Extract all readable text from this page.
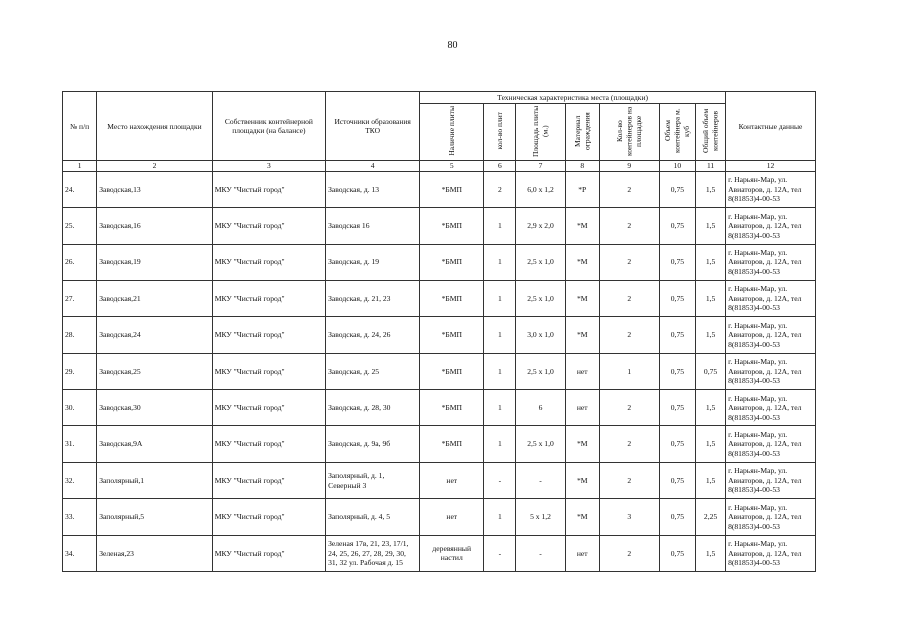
80
№ п/п	Место нахождения площадки	Собственник контейнерной площадки (на балансе)	Источники образования ТКО	Техническая характеристика места (площадки)							Контактные данные
				Наличие плиты	кол-во плит	Площадь плиты (м.)	Материал ограждения	Кол-во контейнеров на площадке	Объем контейнера м. куб	Общий объем контейнеров	
1	2	3	4	5	6	7	8	9	10	11	12
24.	Заводская,13	МКУ "Чистый город"	Заводская, д. 13	*БМП	2	6,0 х 1,2	*Р	2	0,75	1,5	г. Нарьян-Мар, ул. Авиаторов, д. 12А, тел 8(81853)4-00-53
25.	Заводская,16	МКУ "Чистый город"	Заводская 16	*БМП	1	2,9 х 2,0	*М	2	0,75	1,5	г. Нарьян-Мар, ул. Авиаторов, д. 12А, тел 8(81853)4-00-53
26.	Заводская,19	МКУ "Чистый город"	Заводская, д. 19	*БМП	1	2,5 х 1,0	*М	2	0,75	1,5	г. Нарьян-Мар, ул. Авиаторов, д. 12А, тел 8(81853)4-00-53
27.	Заводская,21	МКУ "Чистый город"	Заводская, д. 21, 23	*БМП	1	2,5 х 1,0	*М	2	0,75	1,5	г. Нарьян-Мар, ул. Авиаторов, д. 12А, тел 8(81853)4-00-53
28.	Заводская,24	МКУ "Чистый город"	Заводская, д. 24, 26	*БМП	1	3,0 х 1,0	*М	2	0,75	1,5	г. Нарьян-Мар, ул. Авиаторов, д. 12А, тел 8(81853)4-00-53
29.	Заводская,25	МКУ "Чистый город"	Заводская, д. 25	*БМП	1	2,5 х 1,0	нет	1	0,75	0,75	г. Нарьян-Мар, ул. Авиаторов, д. 12А, тел 8(81853)4-00-53
30.	Заводская,30	МКУ "Чистый город"	Заводская, д. 28, 30	*БМП	1	6	нет	2	0,75	1,5	г. Нарьян-Мар, ул. Авиаторов, д. 12А, тел 8(81853)4-00-53
31.	Заводская,9А	МКУ "Чистый город"	Заводская, д. 9а, 9б	*БМП	1	2,5 х 1,0	*М	2	0,75	1,5	г. Нарьян-Мар, ул. Авиаторов, д. 12А, тел 8(81853)4-00-53
32.	Заполярный,1	МКУ "Чистый город"	Заполярный, д. 1, Северный 3	нет	-	-	*М	2	0,75	1,5	г. Нарьян-Мар, ул. Авиаторов, д. 12А, тел 8(81853)4-00-53
33.	Заполярный,5	МКУ "Чистый город"	Заполярный, д. 4, 5	нет	1	5 х 1,2	*М	3	0,75	2,25	г. Нарьян-Мар, ул. Авиаторов, д. 12А, тел 8(81853)4-00-53
34.	Зеленая,23	МКУ "Чистый город"	Зеленая 17в, 21, 23, 17/1, 24, 25, 26, 27, 28, 29, 30, 31, 32 ул. Рабочая д. 15	деревянный настил	-	-	нет	2	0,75	1,5	г. Нарьян-Мар, ул. Авиаторов, д. 12А, тел 8(81853)4-00-53
